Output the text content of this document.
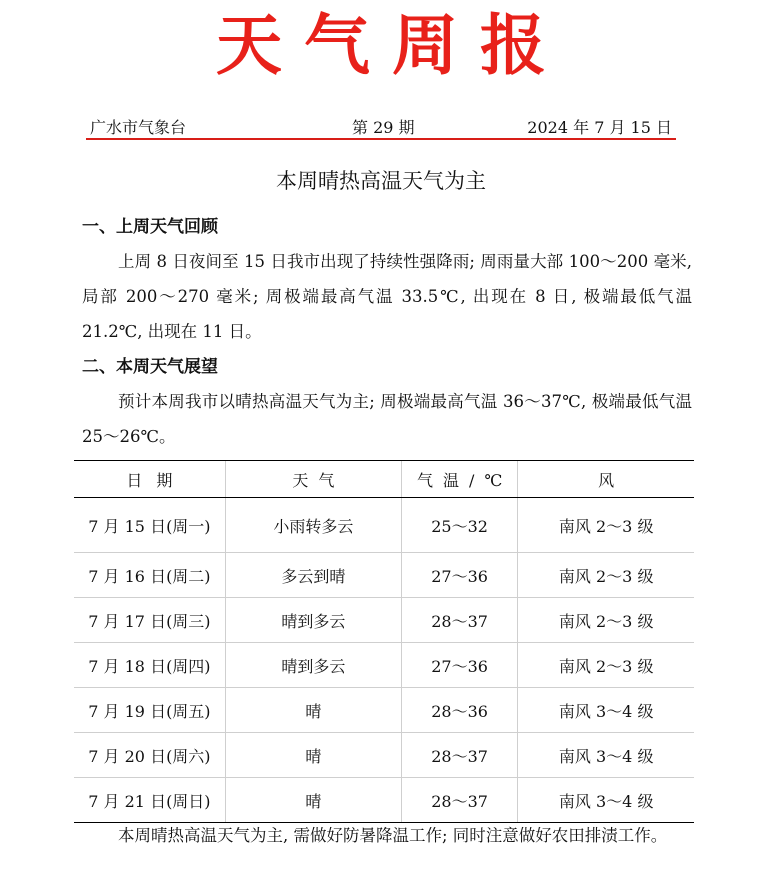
天气周报
广水市气象台	第 29 期	2024 年 7 月 15 日
本周晴热高温天气为主
一、上周天气回顾

上周 8 日夜间至 15 日我市出现了持续性强降雨; 周雨量大部 100～200 毫米, 局部 200～270 毫米; 周极端最高气温 33.5℃, 出现在 8 日, 极端最低气温 21.2℃, 出现在 11 日。

二、本周天气展望

预计本周我市以晴热高温天气为主; 周极端最高气温 36～37℃, 极端最低气温 25～26℃。

日期	天气	气温/℃	风
7 月 15 日(周一)	小雨转多云	25～32	南风 2～3 级
7 月 16 日(周二)	多云到晴	27～36	南风 2～3 级
7 月 17 日(周三)	晴到多云	28～37	南风 2～3 级
7 月 18 日(周四)	晴到多云	27～36	南风 2～3 级
7 月 19 日(周五)	晴	28～36	南风 3～4 级
7 月 20 日(周六)	晴	28～37	南风 3～4 级
7 月 21 日(周日)	晴	28～37	南风 3～4 级

本周晴热高温天气为主, 需做好防暑降温工作; 同时注意做好农田排渍工作。
